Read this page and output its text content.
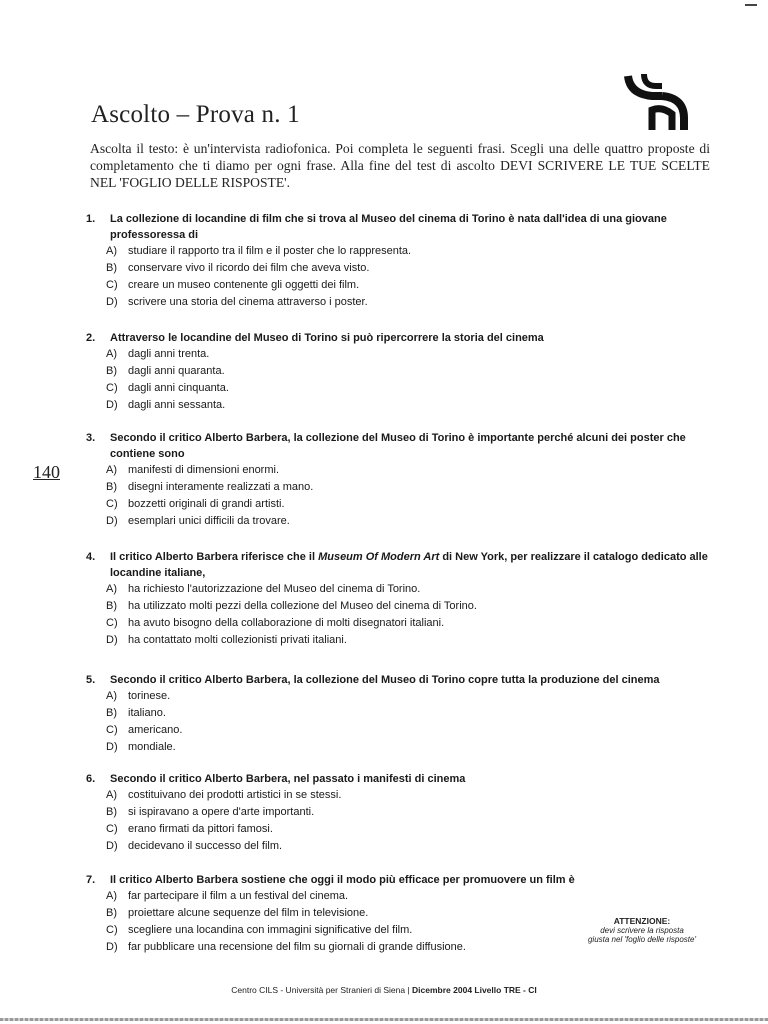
Ascolto – Prova n. 1
Ascolta il testo: è un'intervista radiofonica. Poi completa le seguenti frasi. Scegli una delle quattro proposte di completamento che ti diamo per ogni frase. Alla fine del test di ascolto DEVI SCRIVERE LE TUE SCELTE NEL 'FOGLIO DELLE RISPOSTE'.
140
1.	La collezione di locandine di film che si trova al Museo del cinema di Torino è nata dall'idea di una giovane professoressa di
A)	studiare il rapporto tra il film e il poster che lo rappresenta.
B)	conservare vivo il ricordo dei film che aveva visto.
C) creare un museo contenente gli oggetti dei film.
D) scrivere una storia del cinema attraverso i poster.
2.	Attraverso le locandine del Museo di Torino si può ripercorrere la storia del cinema
A)	dagli anni trenta.
B)	dagli anni quaranta.
C) dagli anni cinquanta.
D) dagli anni sessanta.
3.	Secondo il critico Alberto Barbera, la collezione del Museo di Torino è importante perché alcuni dei poster che contiene sono
A)	manifesti di dimensioni enormi.
B)	disegni interamente realizzati a mano.
C) bozzetti originali di grandi artisti.
D) esemplari unici difficili da trovare.
4.	Il critico Alberto Barbera riferisce che il Museum Of Modern Art di New York, per realizzare il catalogo dedicato alle locandine italiane,
A)	ha richiesto l'autorizzazione del Museo del cinema di Torino.
B)	ha utilizzato molti pezzi della collezione del Museo del cinema di Torino.
C) ha avuto bisogno della collaborazione di molti disegnatori italiani.
D) ha contattato molti collezionisti privati italiani.
5.	Secondo il critico Alberto Barbera, la collezione del Museo di Torino copre tutta la produzione del cinema
A)	torinese.
B)	italiano.
C) americano.
D) mondiale.
6.	Secondo il critico Alberto Barbera, nel passato i manifesti di cinema
A)	costituivano dei prodotti artistici in se stessi.
B)	si ispiravano a opere d'arte importanti.
C) erano firmati da pittori famosi.
D) decidevano il successo del film.
7.	Il critico Alberto Barbera sostiene che oggi il modo più efficace per promuovere un film è
A)	far partecipare il film a un festival del cinema.
B)	proiettare alcune sequenze del film in televisione.
C) scegliere una locandina con immagini significative del film.
D) far pubblicare una recensione del film su giornali di grande diffusione.
ATTENZIONE:
devi scrivere la risposta
giusta nel 'foglio delle risposte'
Centro CILS - Università per Stranieri di Siena | Dicembre 2004 Livello TRE - CI
